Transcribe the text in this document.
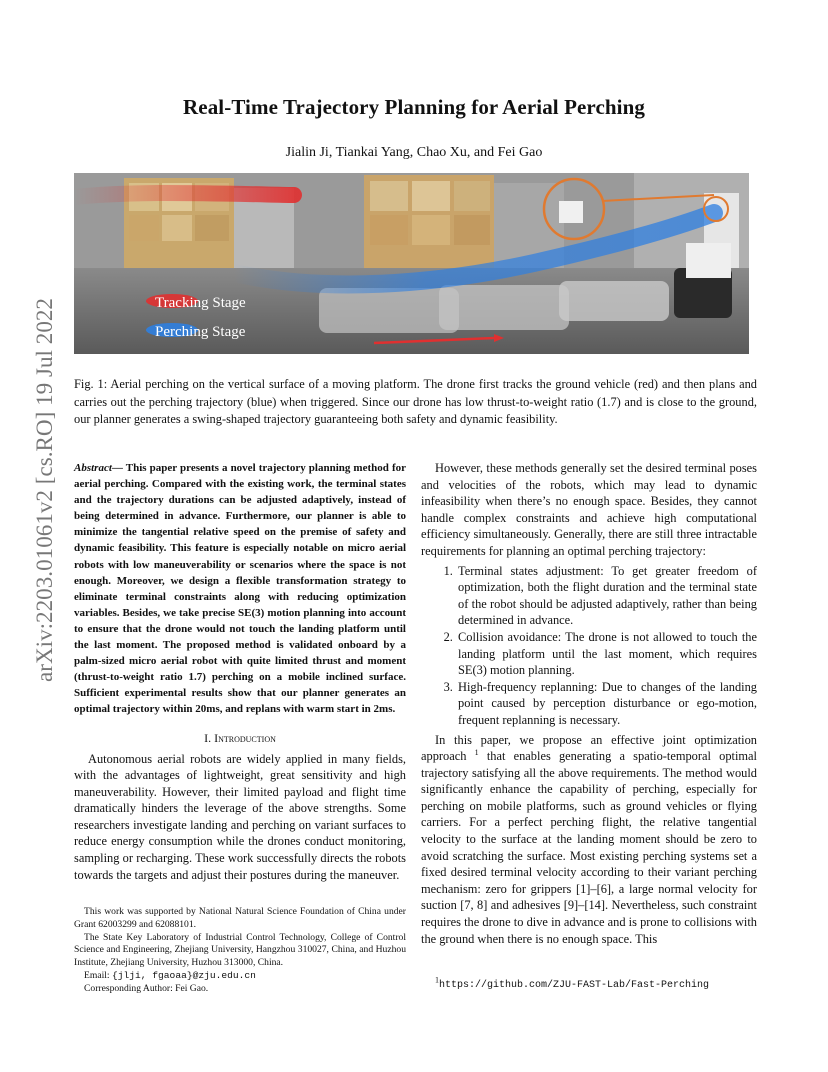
arXiv:2203.01061v2 [cs.RO] 19 Jul 2022
Real-Time Trajectory Planning for Aerial Perching
Jialin Ji, Tiankai Yang, Chao Xu, and Fei Gao
Tracking Stage
Perching Stage
Fig. 1: Aerial perching on the vertical surface of a moving platform. The drone first tracks the ground vehicle (red) and then plans and carries out the perching trajectory (blue) when triggered. Since our drone has low thrust-to-weight ratio (1.7) and is close to the ground, our planner generates a swing-shaped trajectory guaranteeing both safety and dynamic feasibility.

Abstract— This paper presents a novel trajectory planning method for aerial perching. Compared with the existing work, the terminal states and the trajectory durations can be adjusted adaptively, instead of being determined in advance. Furthermore, our planner is able to minimize the tangential relative speed on the premise of safety and dynamic feasibility. This feature is especially notable on micro aerial robots with low maneuverability or scenarios where the space is not enough. Moreover, we design a flexible transformation strategy to eliminate terminal constraints along with reducing optimization variables. Besides, we take precise SE(3) motion planning into account to ensure that the drone would not touch the landing platform until the last moment. The proposed method is validated onboard by a palm-sized micro aerial robot with quite limited thrust and moment (thrust-to-weight ratio 1.7) perching on a mobile inclined surface. Sufficient experimental results show that our planner generates an optimal trajectory within 20ms, and replans with warm start in 2ms.

I. Introduction

Autonomous aerial robots are widely applied in many fields, with the advantages of lightweight, great sensitivity and high maneuverability. However, their limited payload and flight time dramatically hinders the leverage of the above strengths. Some researchers investigate landing and perching on variant surfaces to reduce energy consumption while the drones conduct monitoring, sampling or recharging. These work successfully directs the robots towards the targets and adjust their postures during the maneuver.

This work was supported by National Natural Science Foundation of China under Grant 62003299 and 62088101.

The State Key Laboratory of Industrial Control Technology, College of Control Science and Engineering, Zhejiang University, Hangzhou 310027, China, and Huzhou Institute, Zhejiang University, Huzhou 313000, China.

Email: {jlji, fgaoaa}@zju.edu.cn

Corresponding Author: Fei Gao.

However, these methods generally set the desired terminal poses and velocities of the robots, which may lead to dynamic infeasibility when there’s no enough space. Besides, they cannot handle complex constraints and achieve high computational efficiency simultaneously. Generally, there are still three intractable requirements for planning an optimal perching trajectory:

1. Terminal states adjustment: To get greater freedom of optimization, both the flight duration and the terminal state of the robot should be adjusted adaptively, rather than being determined in advance.
2. Collision avoidance: The drone is not allowed to touch the landing platform until the last moment, which requires SE(3) motion planning.
3. High-frequency replanning: Due to changes of the landing point caused by perception disturbance or ego-motion, frequent replanning is necessary.

In this paper, we propose an effective joint optimization approach $^1$ that enables generating a spatio-temporal optimal trajectory satisfying all the above requirements. The method would significantly enhance the capability of perching, especially for perching on mobile platforms, such as ground vehicles or flying carriers. For a perfect perching flight, the relative tangential velocity to the surface at the landing moment should be zero to avoid scratching the surface. Most existing perching systems set a fixed desired terminal velocity according to their variant perching mechanism: zero for grippers [1]–[6], a large normal velocity for suction [7, 8] and adhesives [9]–[14]. Nevertheless, such constraint requires the drone to dive in advance and is prone to collisions with the ground when there is no enough space. This

$^1$https://github.com/ZJU-FAST-Lab/Fast-Perching
